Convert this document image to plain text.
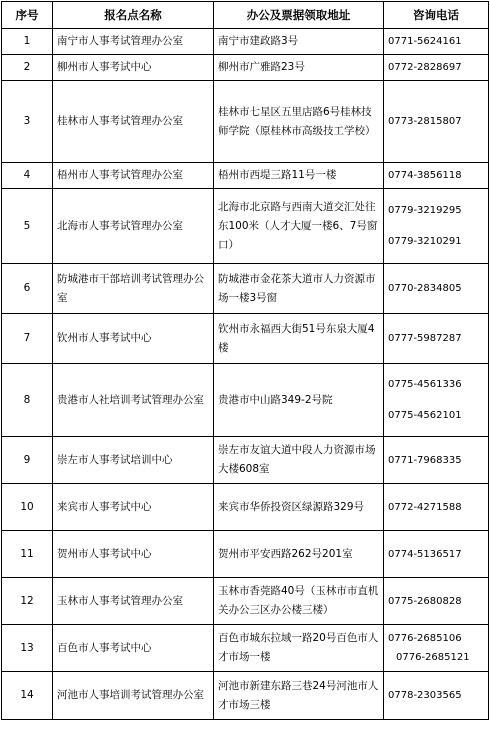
序号	报名点名称	办公及票据领取地址	咨询电话
1	南宁市人事考试管理办公室	南宁市建政路3号	0771-5624161

2	柳州市人事考试中心	柳州市广雅路23号	0772-2828697

3	桂林市人事考试管理办公室	桂林市七星区五里店路6号桂林技师学院（原桂林市高级技工学校）	0773-2815807

4	梧州市人事考试管理办公室	梧州市西堤三路11号一楼	0774-3856118

5	北海市人事考试管理办公室	北海市北京路与西南大道交汇处往东100米（人才大厦一楼6、7号窗口）	0779-3219295
0779-3210291

6	防城港市干部培训考试管理办公室	防城港市金花茶大道市人力资源市场一楼3号窗	0770-2834805

7	钦州市人事考试中心	钦州市永福西大街51号东泉大厦4楼	0777-5987287

8	贵港市人社培训考试管理办公室	贵港市中山路349-2号院	0775-4561336
0775-4562101

9	崇左市人事考试培训中心	崇左市友谊大道中段人力资源市场大楼608室	0771-7968335

10	来宾市人事考试中心	来宾市华侨投资区绿源路329号	0772-4271588

11	贺州市人事考试中心	贺州市平安西路262号201室	0774-5136517

12	玉林市人事考试管理办公室	玉林市香莞路40号（玉林市市直机关办公三区办公楼三楼）	0775-2680828

13	百色市人事考试中心	百色市城东拉域一路20号百色市人才市场一楼	0776-2685106
0776-2685121

14	河池市人事培训考试管理办公室	河池市新建东路三巷24号河池市人才市场三楼	0778-2303565
